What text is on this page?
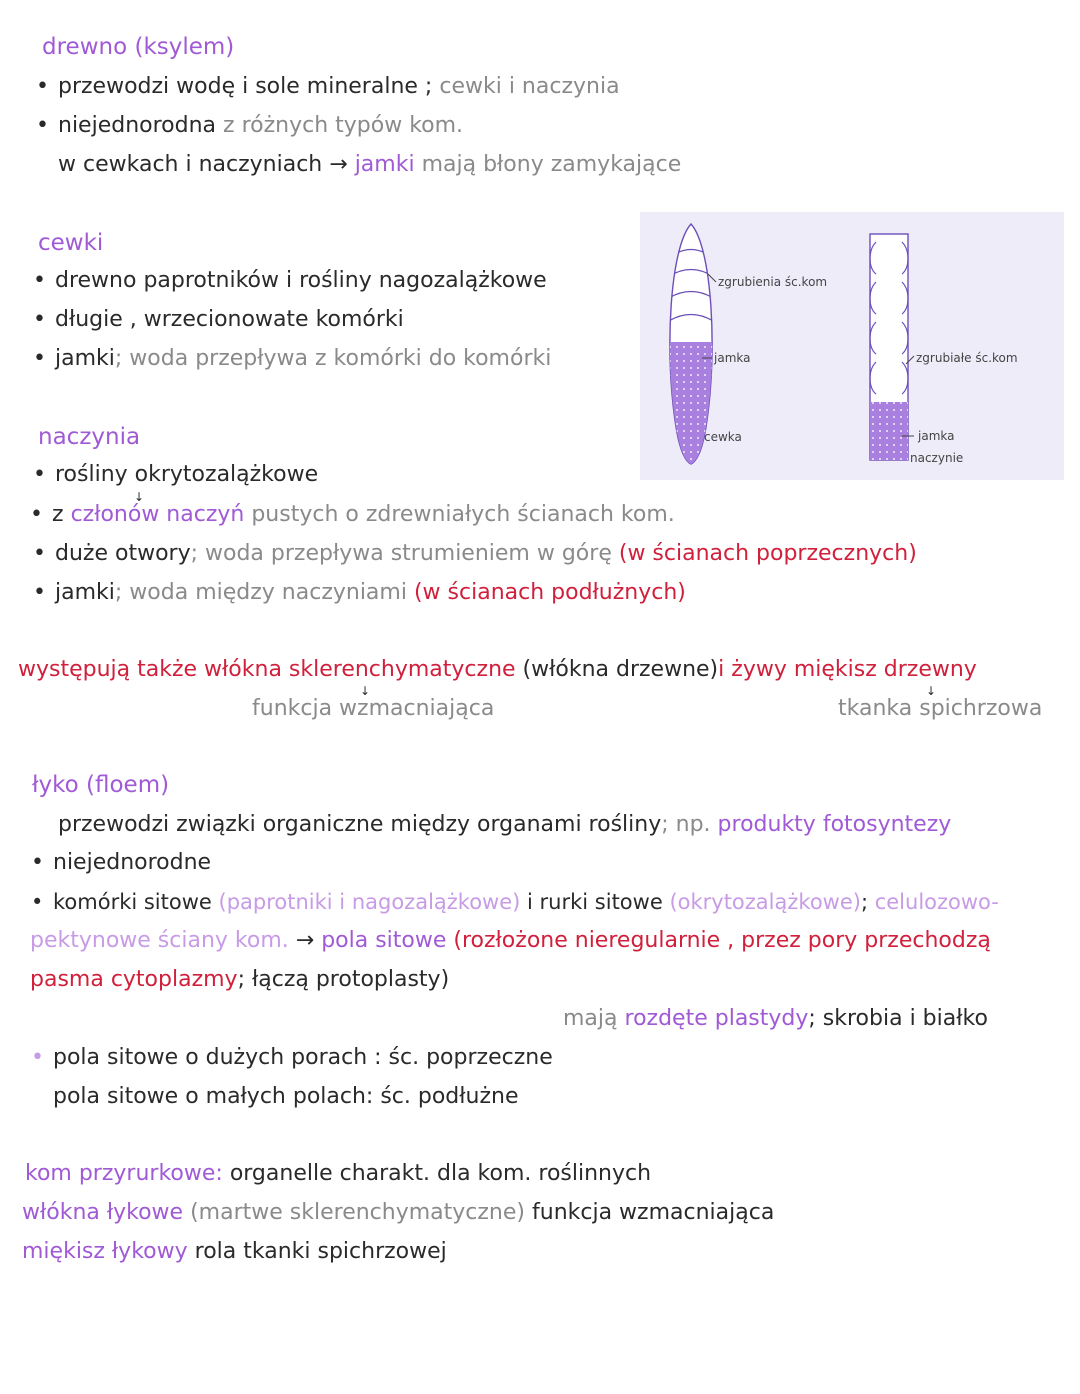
drewno (ksylem)
• przewodzi wodę i sole mineralne ; cewki i naczynia
• niejednorodna z różnych typów kom.
w cewkach i naczyniach → jamki mają błony zamykające
cewki
• drewno paprotników i rośliny nagozalążkowe
• długie , wrzecionowate komórki
• jamki; woda przepływa z komórki do komórki
zgrubienia śc.kom
jamka
cewka
zgrubiałe śc.kom
jamka
naczynie
naczynia
• rośliny okrytozalążkowe
↓
• z członów naczyń pustych o zdrewniałych ścianach kom.
• duże otwory; woda przepływa strumieniem w górę (w ścianach poprzecznych)
• jamki; woda między naczyniami (w ścianach podłużnych)
występują także włókna sklerenchymatyczne (włókna drzewne)i żywy miękisz drzewny
↓	↓
funkcja wzmacniająca	tkanka spichrzowa
łyko (floem)
przewodzi związki organiczne między organami rośliny; np. produkty fotosyntezy
• niejednorodne
• komórki sitowe (paprotniki i nagozalążkowe) i rurki sitowe (okrytozalążkowe); celulozowo-
pektynowe ściany kom. → pola sitowe (rozłożone nieregularnie , przez pory przechodzą
pasma cytoplazmy; łączą protoplasty)
mają rozdęte plastydy; skrobia i białko
• pola sitowe o dużych porach : śc. poprzeczne
pola sitowe o małych polach: śc. podłużne
kom przyrurkowe: organelle charakt. dla kom. roślinnych
włókna łykowe (martwe sklerenchymatyczne) funkcja wzmacniająca
miękisz łykowy rola tkanki spichrzowej
